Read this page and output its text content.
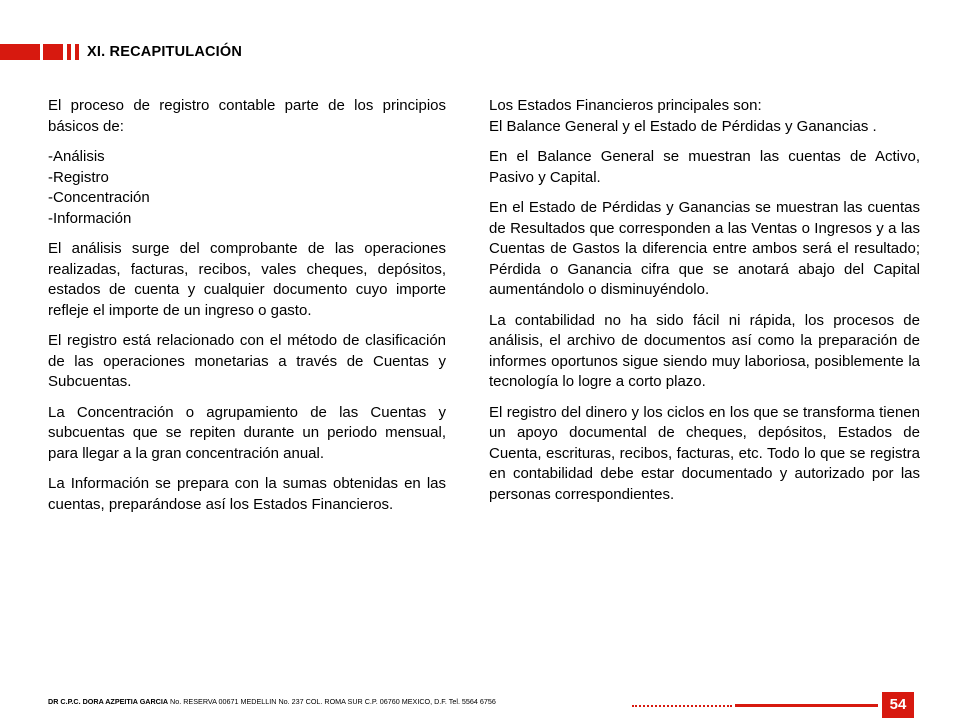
XI. RECAPITULACIÓN

El proceso de registro contable parte de los principios básicos de:

-Análisis
-Registro
-Concentración
-Información

El análisis surge del comprobante de las operaciones realizadas, facturas, recibos, vales cheques, depósitos, estados de cuenta y cualquier documento cuyo importe refleje el importe de un ingreso o gasto.

El registro está relacionado con el método de clasificación de las operaciones monetarias a través de Cuentas y Subcuentas.

La Concentración o agrupamiento de las Cuentas y subcuentas que se repiten durante un periodo mensual, para llegar a la gran concentración anual.

La Información se prepara con la sumas obtenidas en las cuentas, preparándose así los Estados Financieros.

Los Estados Financieros principales son:

El Balance General y el Estado de Pérdidas y Ganancias .

En el Balance General se muestran las cuentas de Activo, Pasivo y Capital.

En el Estado de Pérdidas y Ganancias se muestran las cuentas de Resultados que corresponden a las Ventas o Ingresos y a las Cuentas de Gastos la diferencia entre ambos será el resultado; Pérdida o Ganancia cifra que se anotará abajo del Capital aumentándolo o disminuyéndolo.

La contabilidad no ha sido fácil ni rápida, los procesos de análisis, el archivo de documentos así como la preparación de informes oportunos sigue siendo muy laboriosa, posiblemente la tecnología lo logre a corto plazo.

El registro del dinero y los ciclos en los que se transforma tienen un apoyo documental de cheques, depósitos, Estados de Cuenta, escrituras, recibos, facturas, etc. Todo lo que se registra en contabilidad debe estar documentado y autorizado por las personas correspondientes.

DR C.P.C. DORA AZPEITIA GARCIA No. RESERVA 00671 MEDELLIN No. 237 COL. ROMA SUR C.P. 06760 MEXICO, D.F. Tel. 5564 6756	54
